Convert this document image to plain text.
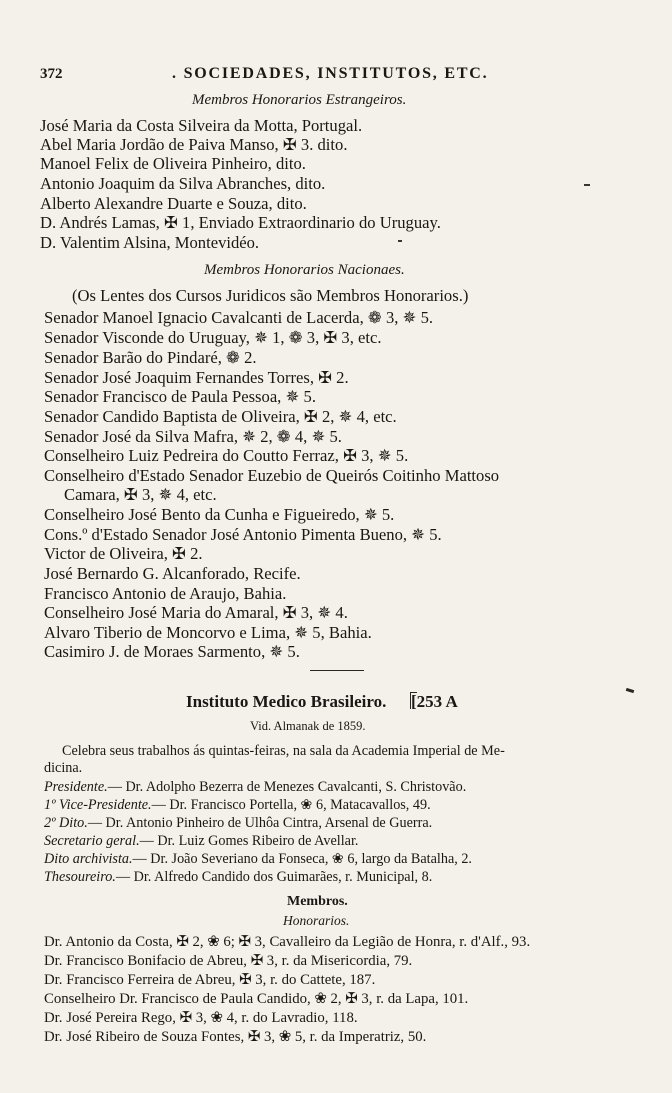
372	. SOCIEDADES, INSTITUTOS, ETC.
Membros Honorarios Estrangeiros.
José Maria da Costa Silveira da Motta, Portugal.
Abel Maria Jordão de Paiva Manso, ✠ 3. dito.
Manoel Felix de Oliveira Pinheiro, dito.
Antonio Joaquim da Silva Abranches, dito.
Alberto Alexandre Duarte e Souza, dito.
D. Andrés Lamas, ✠ 1, Enviado Extraordinario do Uruguay.
D. Valentim Alsina, Montevidéo.
Membros Honorarios Nacionaes.
(Os Lentes dos Cursos Juridicos são Membros Honorarios.)
Senador Manoel Ignacio Cavalcanti de Lacerda, ❁ 3, ✵ 5.
Senador Visconde do Uruguay, ✵ 1, ❁ 3, ✠ 3, etc.
Senador Barão do Pindaré, ❁ 2.
Senador José Joaquim Fernandes Torres, ✠ 2.
Senador Francisco de Paula Pessoa, ✵ 5.
Senador Candido Baptista de Oliveira, ✠ 2, ✵ 4, etc.
Senador José da Silva Mafra, ✵ 2, ❁ 4, ✵ 5.
Conselheiro Luiz Pedreira do Coutto Ferraz, ✠ 3, ✵ 5.
Conselheiro d'Estado Senador Euzebio de Queirós Coitinho Mattoso
Camara, ✠ 3, ✵ 4, etc.
Conselheiro José Bento da Cunha e Figueiredo, ✵ 5.
Cons.º d'Estado Senador José Antonio Pimenta Bueno, ✵ 5.
Victor de Oliveira, ✠ 2.
José Bernardo G. Alcanforado, Recife.
Francisco Antonio de Araujo, Bahia.
Conselheiro José Maria do Amaral, ✠ 3, ✵ 4.
Alvaro Tiberio de Moncorvo e Lima, ✵ 5, Bahia.
Casimiro J. de Moraes Sarmento, ✵ 5.
Instituto Medico Brasileiro. [253 A
Vid. Almanak de 1859.
Celebra seus trabalhos ás quintas-feiras, na sala da Academia Imperial de Me-
dicina.
Presidente.— Dr. Adolpho Bezerra de Menezes Cavalcanti, S. Christovão.
1º Vice-Presidente.— Dr. Francisco Portella, ❀ 6, Matacavallos, 49.
2º Dito.— Dr. Antonio Pinheiro de Ulhôa Cintra, Arsenal de Guerra.
Secretario geral.— Dr. Luiz Gomes Ribeiro de Avellar.
Dito archivista.— Dr. João Severiano da Fonseca, ❀ 6, largo da Batalha, 2.
Thesoureiro.— Dr. Alfredo Candido dos Guimarães, r. Municipal, 8.
Membros.
Honorarios.
Dr. Antonio da Costa, ✠ 2, ❀ 6; ✠ 3, Cavalleiro da Legião de Honra, r. d'Alf., 93.
Dr. Francisco Bonifacio de Abreu, ✠ 3, r. da Misericordia, 79.
Dr. Francisco Ferreira de Abreu, ✠ 3, r. do Cattete, 187.
Conselheiro Dr. Francisco de Paula Candido, ❀ 2, ✠ 3, r. da Lapa, 101.
Dr. José Pereira Rego, ✠ 3, ❀ 4, r. do Lavradio, 118.
Dr. José Ribeiro de Souza Fontes, ✠ 3, ❀ 5, r. da Imperatriz, 50.
